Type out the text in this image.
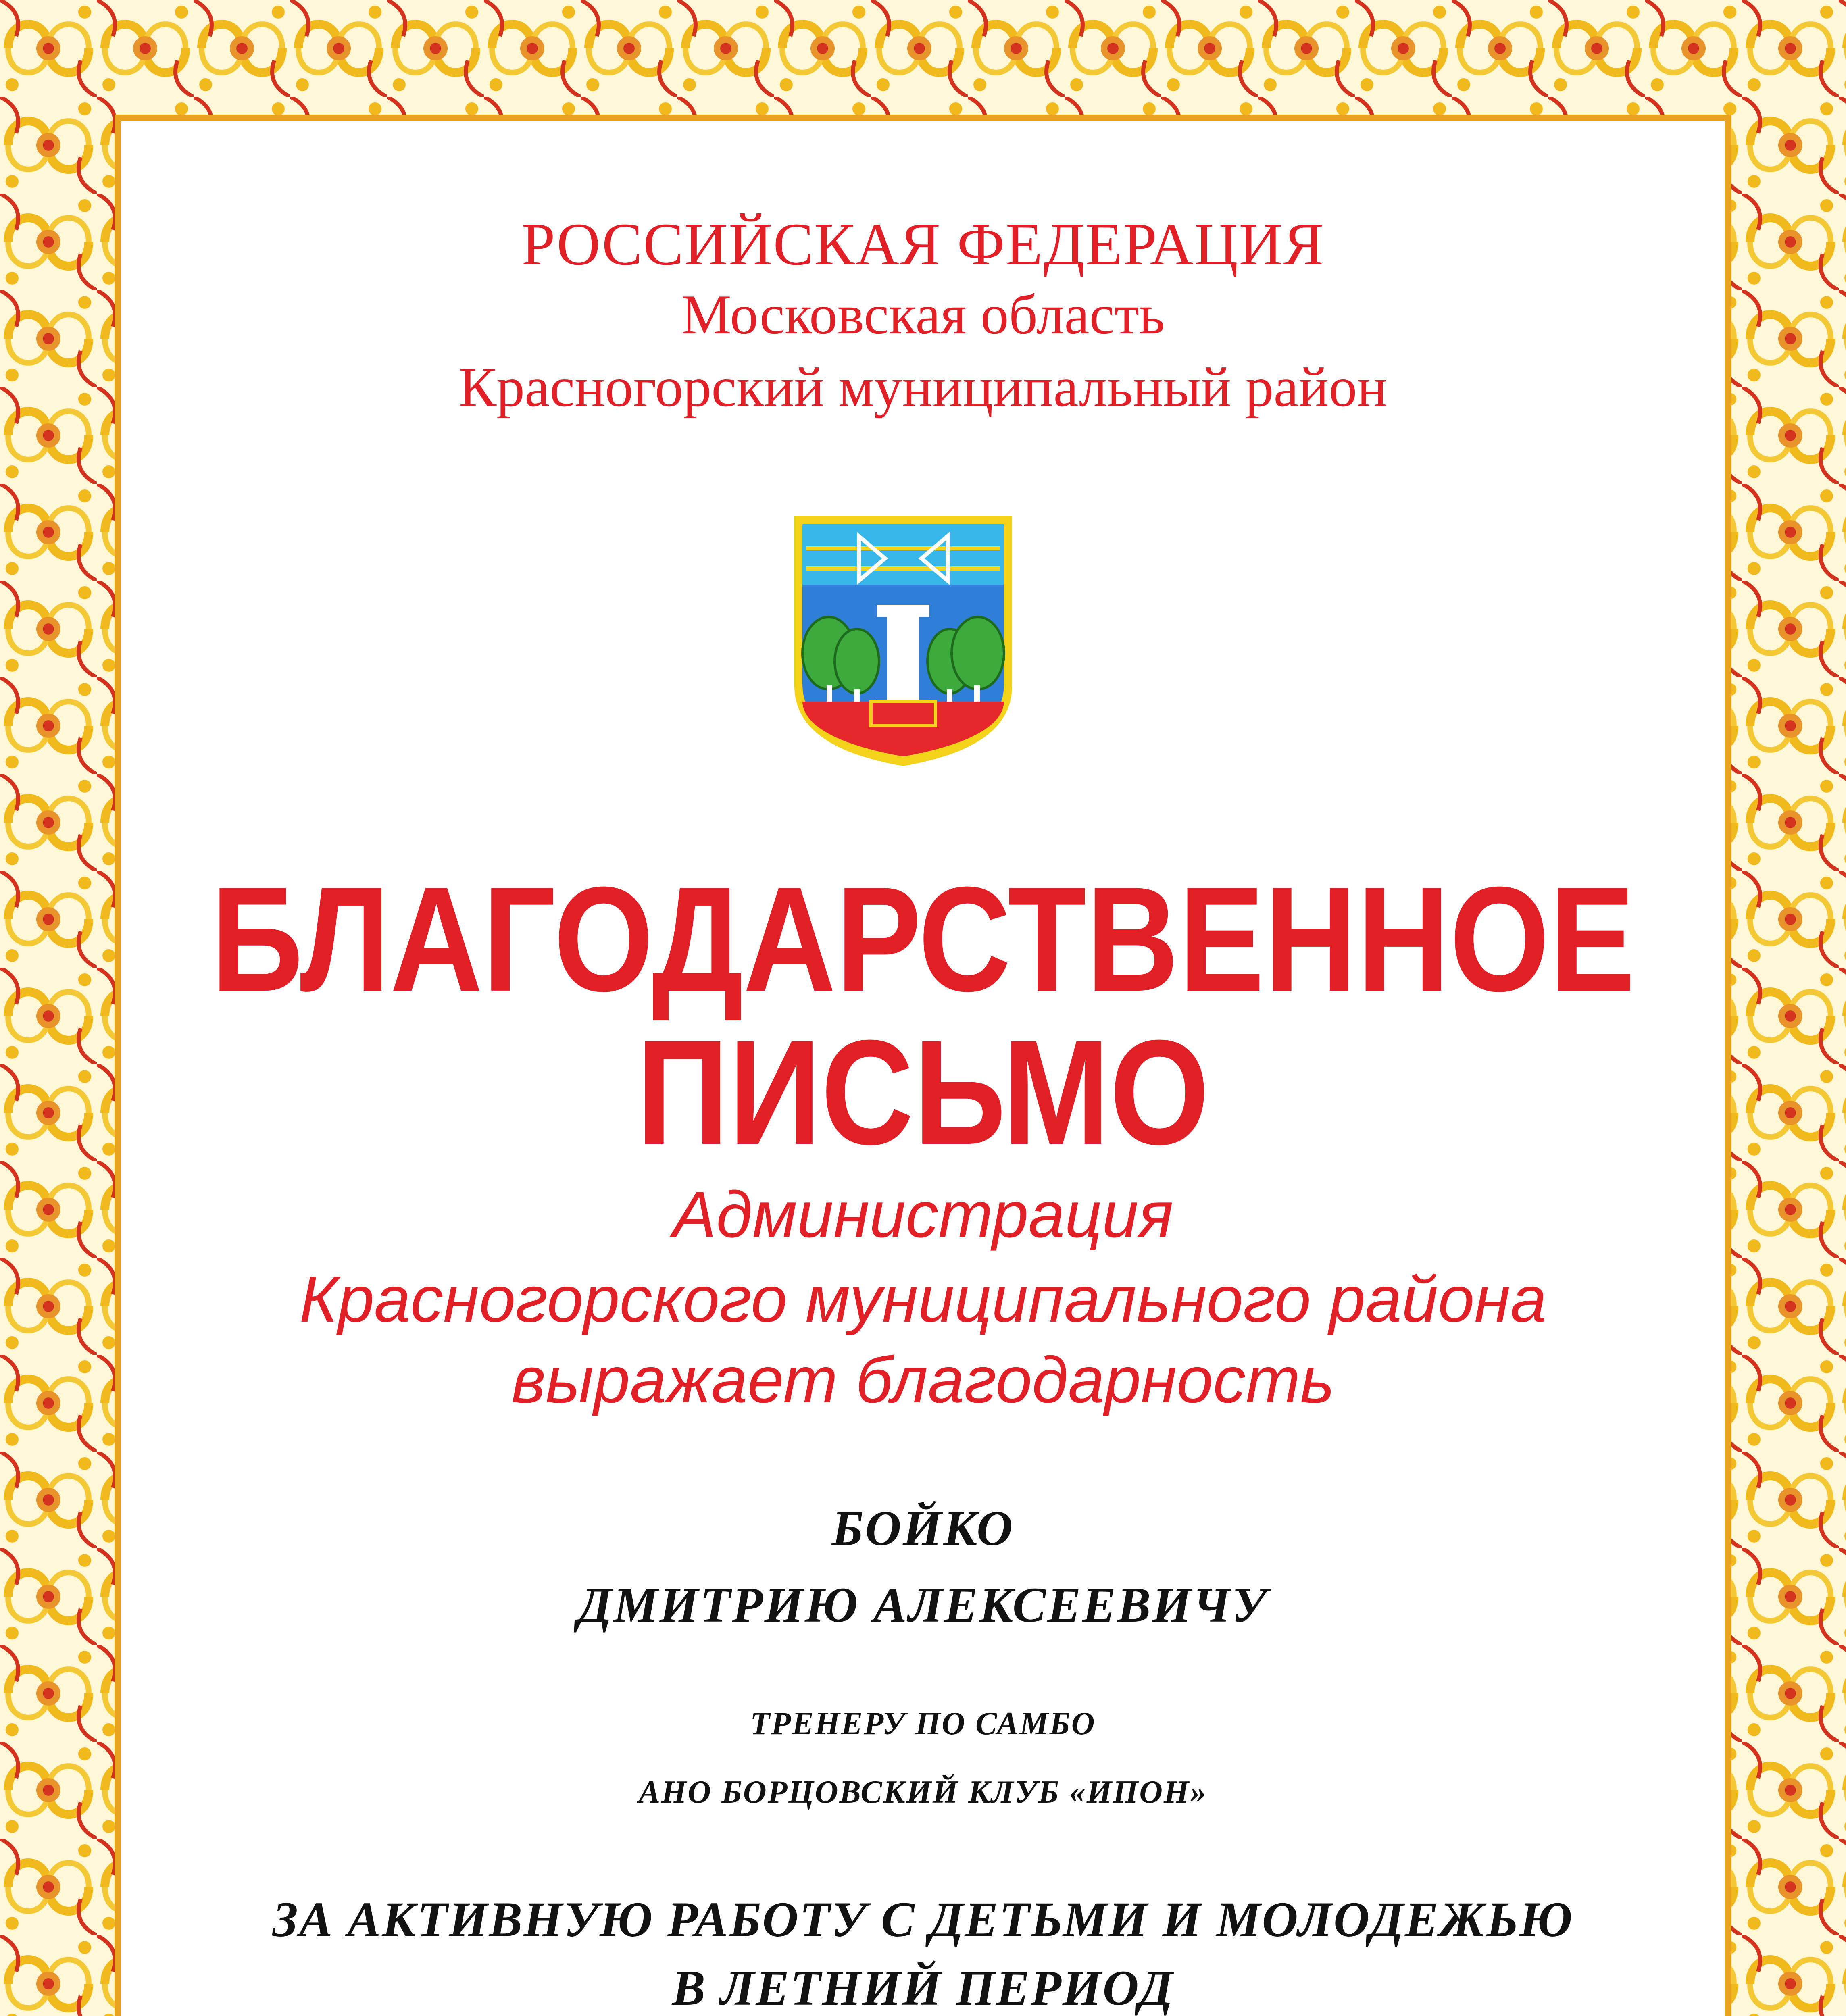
РОССИЙСКАЯ ФЕДЕРАЦИЯ
Московская область
Красногорский муниципальный район
БЛАГОДАРСТВЕННОЕ
ПИСЬМО
Администрация
Красногорского муниципального района
выражает благодарность
БОЙКО
ДМИТРИЮ АЛЕКСЕЕВИЧУ
ТРЕНЕРУ ПО САМБО
АНО БОРЦОВСКИЙ КЛУБ «ИПОН»
ЗА АКТИВНУЮ РАБОТУ С ДЕТЬМИ И МОЛОДЕЖЬЮ
В ЛЕТНИЙ ПЕРИОД
